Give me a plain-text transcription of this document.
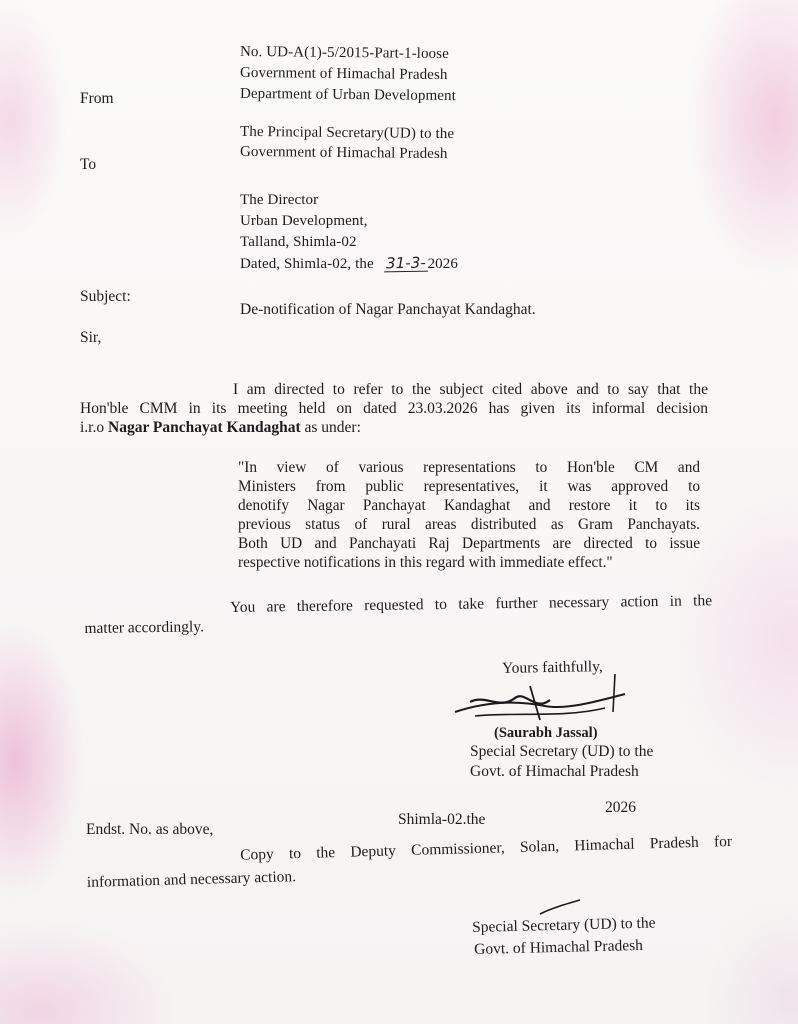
No. UD-A(1)-5/2015-Part-1-loose
Government of Himachal Pradesh
Department of Urban Development
From
The Principal Secretary(UD) to the
Government of Himachal Pradesh
To
The Director
Urban Development,
Talland, Shimla-02
Dated, Shimla-02, the 31-3- 2026
Subject:
De-notification of Nagar Panchayat Kandaghat.
Sir,
I am directed to refer to the subject cited above and to say that the
Hon'ble CMM in its meeting held on dated 23.03.2026 has given its informal decision
i.r.o Nagar Panchayat Kandaghat as under:
"In view of various representations to Hon'ble CM and
Ministers from public representatives, it was approved to
denotify Nagar Panchayat Kandaghat and restore it to its
previous status of rural areas distributed as Gram Panchayats.
Both UD and Panchayati Raj Departments are directed to issue
respective notifications in this regard with immediate effect."
You are therefore requested to take further necessary action in the
matter accordingly.
Yours faithfully,
(Saurabh Jassal)
Special Secretary (UD) to the
Govt. of Himachal Pradesh
2026
Shimla-02.the
Endst. No. as above,
Copy to the Deputy Commissioner, Solan, Himachal Pradesh for
information and necessary action.
Special Secretary (UD) to the
Govt. of Himachal Pradesh
